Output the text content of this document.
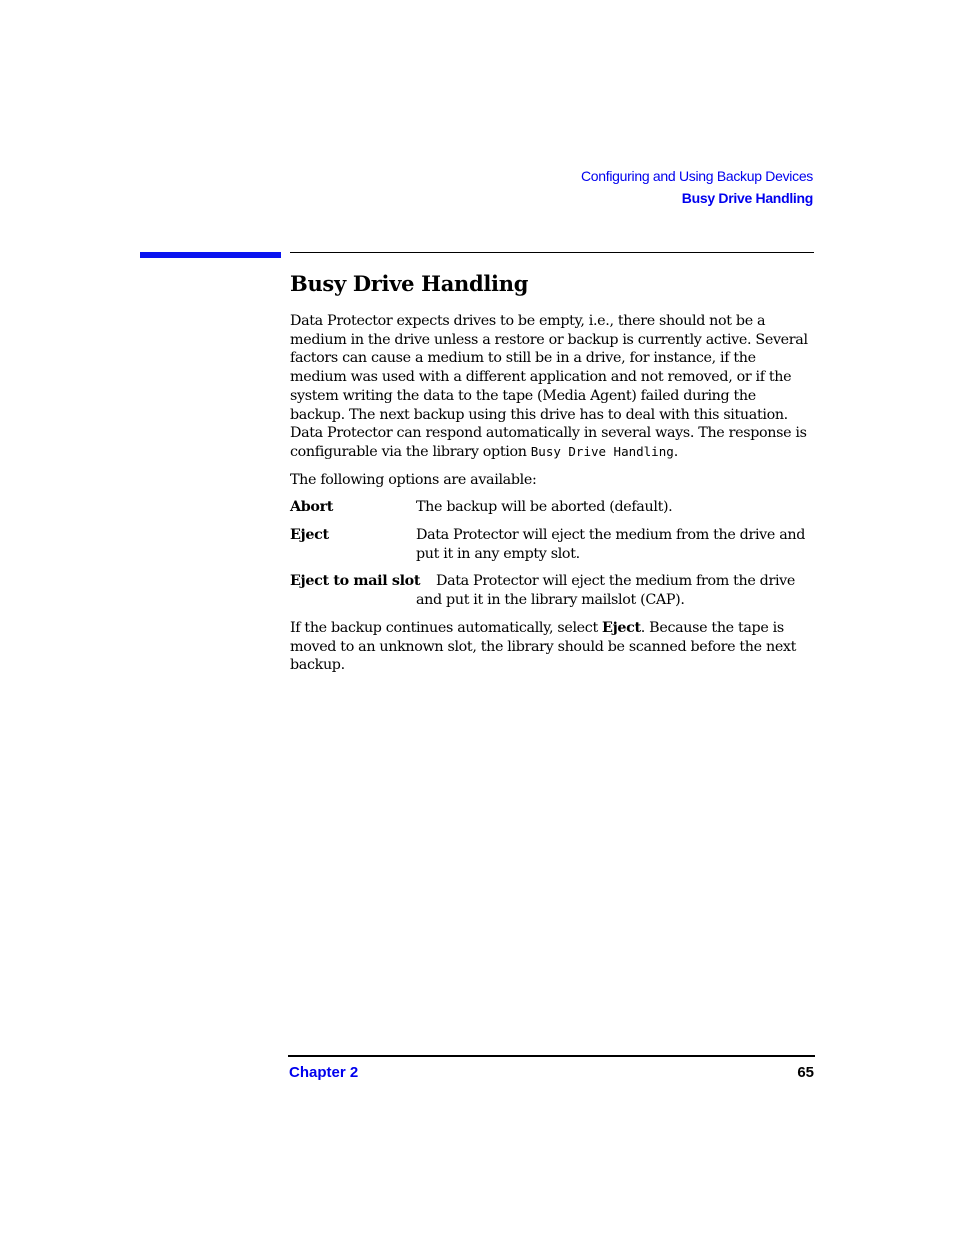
Configuring and Using Backup Devices
Busy Drive Handling
Busy Drive Handling

Data Protector expects drives to be empty, i.e., there should not be a medium in the drive unless a restore or backup is currently active. Several factors can cause a medium to still be in a drive, for instance, if the medium was used with a different application and not removed, or if the system writing the data to the tape (Media Agent) failed during the backup. The next backup using this drive has to deal with this situation. Data Protector can respond automatically in several ways. The response is configurable via the library option Busy Drive Handling.

The following options are available:

Abort	The backup will be aborted (default).
Eject	Data Protector will eject the medium from the drive and put it in any empty slot.
Eject to mail slot	Data Protector will eject the medium from the drive and put it in the library mailslot (CAP).

If the backup continues automatically, select Eject. Because the tape is moved to an unknown slot, the library should be scanned before the next backup.

Chapter 2	65
